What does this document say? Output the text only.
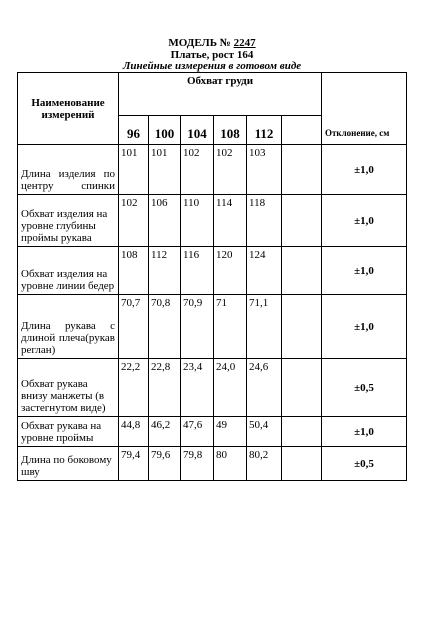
МОДЕЛЬ № 2247
Платье, рост 164
Линейные измерения в готовом виде
Наименование измерений	Обхват груди						Отклонение, см
	96	100	104	108	112		

Длина изделия по центру спинки	101	101	102	102	103		±1,0
Обхват изделия на уровне глубины проймы рукава	102	106	110	114	118		±1,0
Обхват изделия на уровне линии бедер	108	112	116	120	124		±1,0

Длина рукава с длиной плеча(рукав реглан)	70,7	70,8	70,9	71	71,1		±1,0
Обхват рукава внизу манжеты (в застегнутом виде)	22,2	22,8	23,4	24,0	24,6		±0,5
Обхват рукава на уровне проймы	44,8	46,2	47,6	49	50,4		±1,0
Длина по боковому шву	79,4	79,6	79,8	80	80,2		±0,5
